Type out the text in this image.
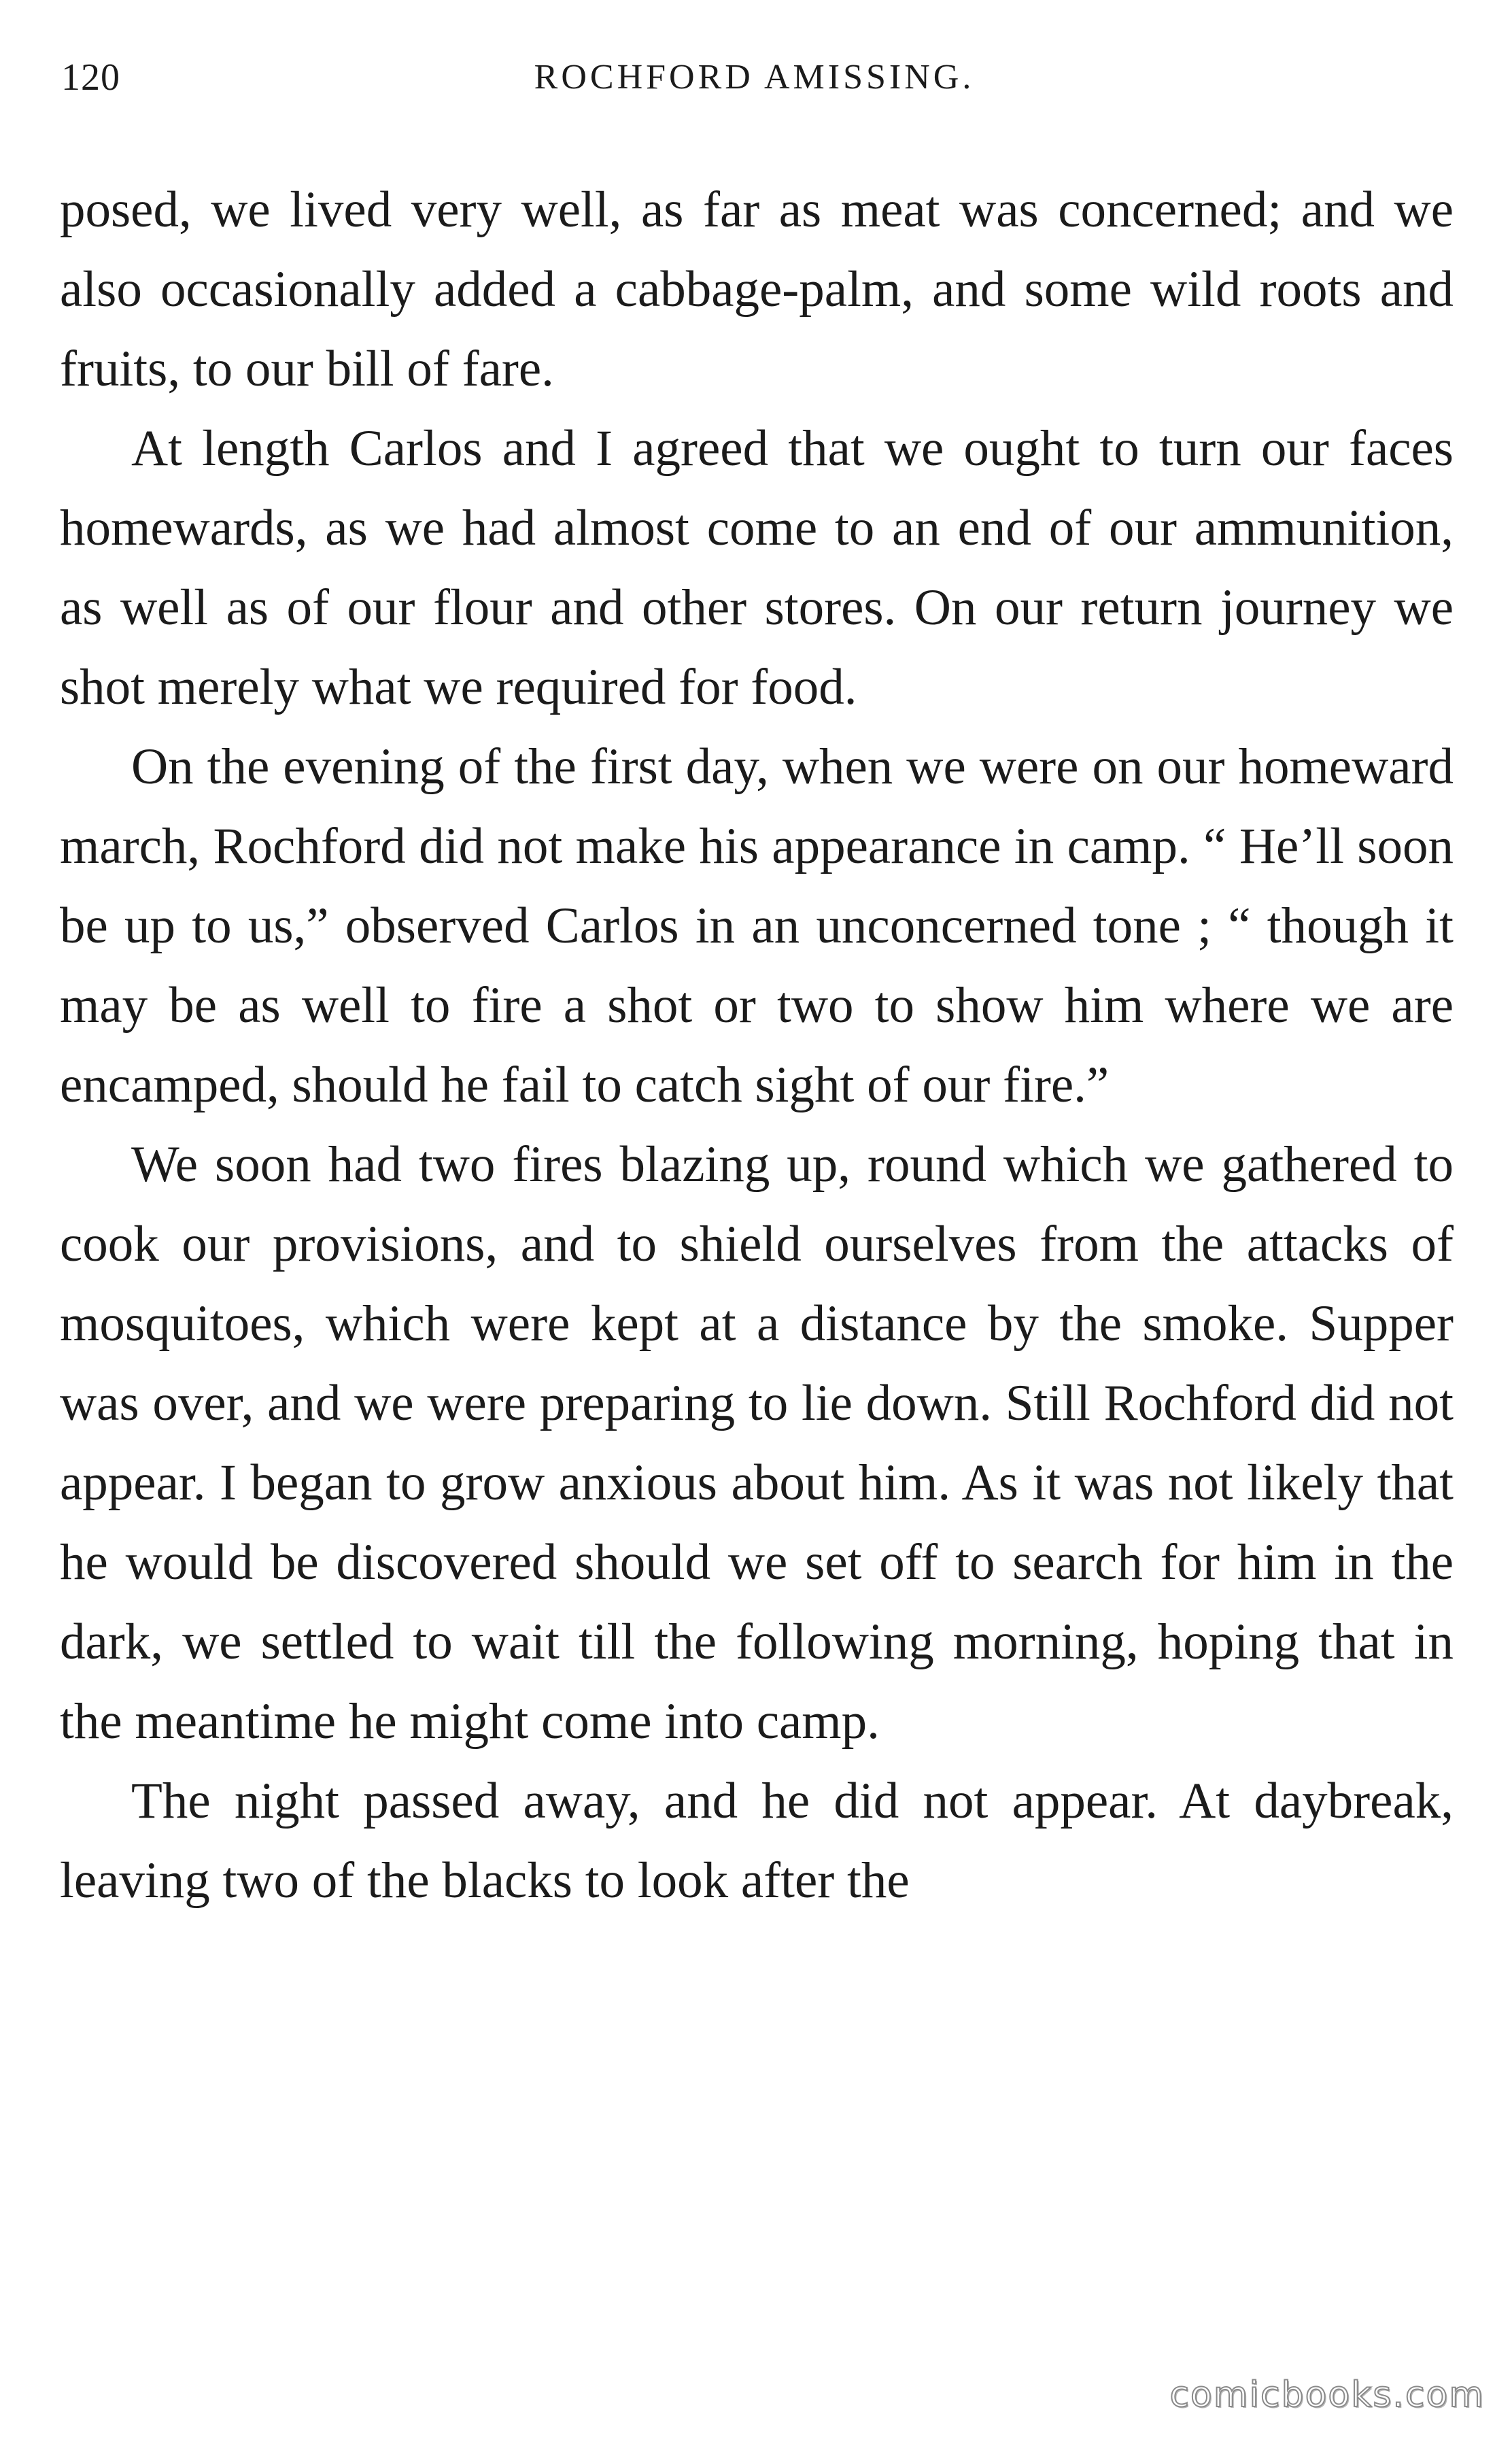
120	ROCHFORD AMISSING.

posed, we lived very well, as far as meat was concerned; and we also occasionally added a cabbage-palm, and some wild roots and fruits, to our bill of fare.

At length Carlos and I agreed that we ought to turn our faces homewards, as we had almost come to an end of our ammunition, as well as of our flour and other stores. On our return journey we shot merely what we required for food.

On the evening of the first day, when we were on our homeward march, Rochford did not make his appearance in camp. “ He’ll soon be up to us,” observed Carlos in an unconcerned tone ; “ though it may be as well to fire a shot or two to show him where we are encamped, should he fail to catch sight of our fire.”

We soon had two fires blazing up, round which we gathered to cook our provisions, and to shield ourselves from the attacks of mosquitoes, which were kept at a distance by the smoke. Supper was over, and we were preparing to lie down. Still Rochford did not appear. I began to grow anxious about him. As it was not likely that he would be discovered should we set off to search for him in the dark, we settled to wait till the following morning, hoping that in the meantime he might come into camp.

The night passed away, and he did not appear. At daybreak, leaving two of the blacks to look after the

comicbooks.com
